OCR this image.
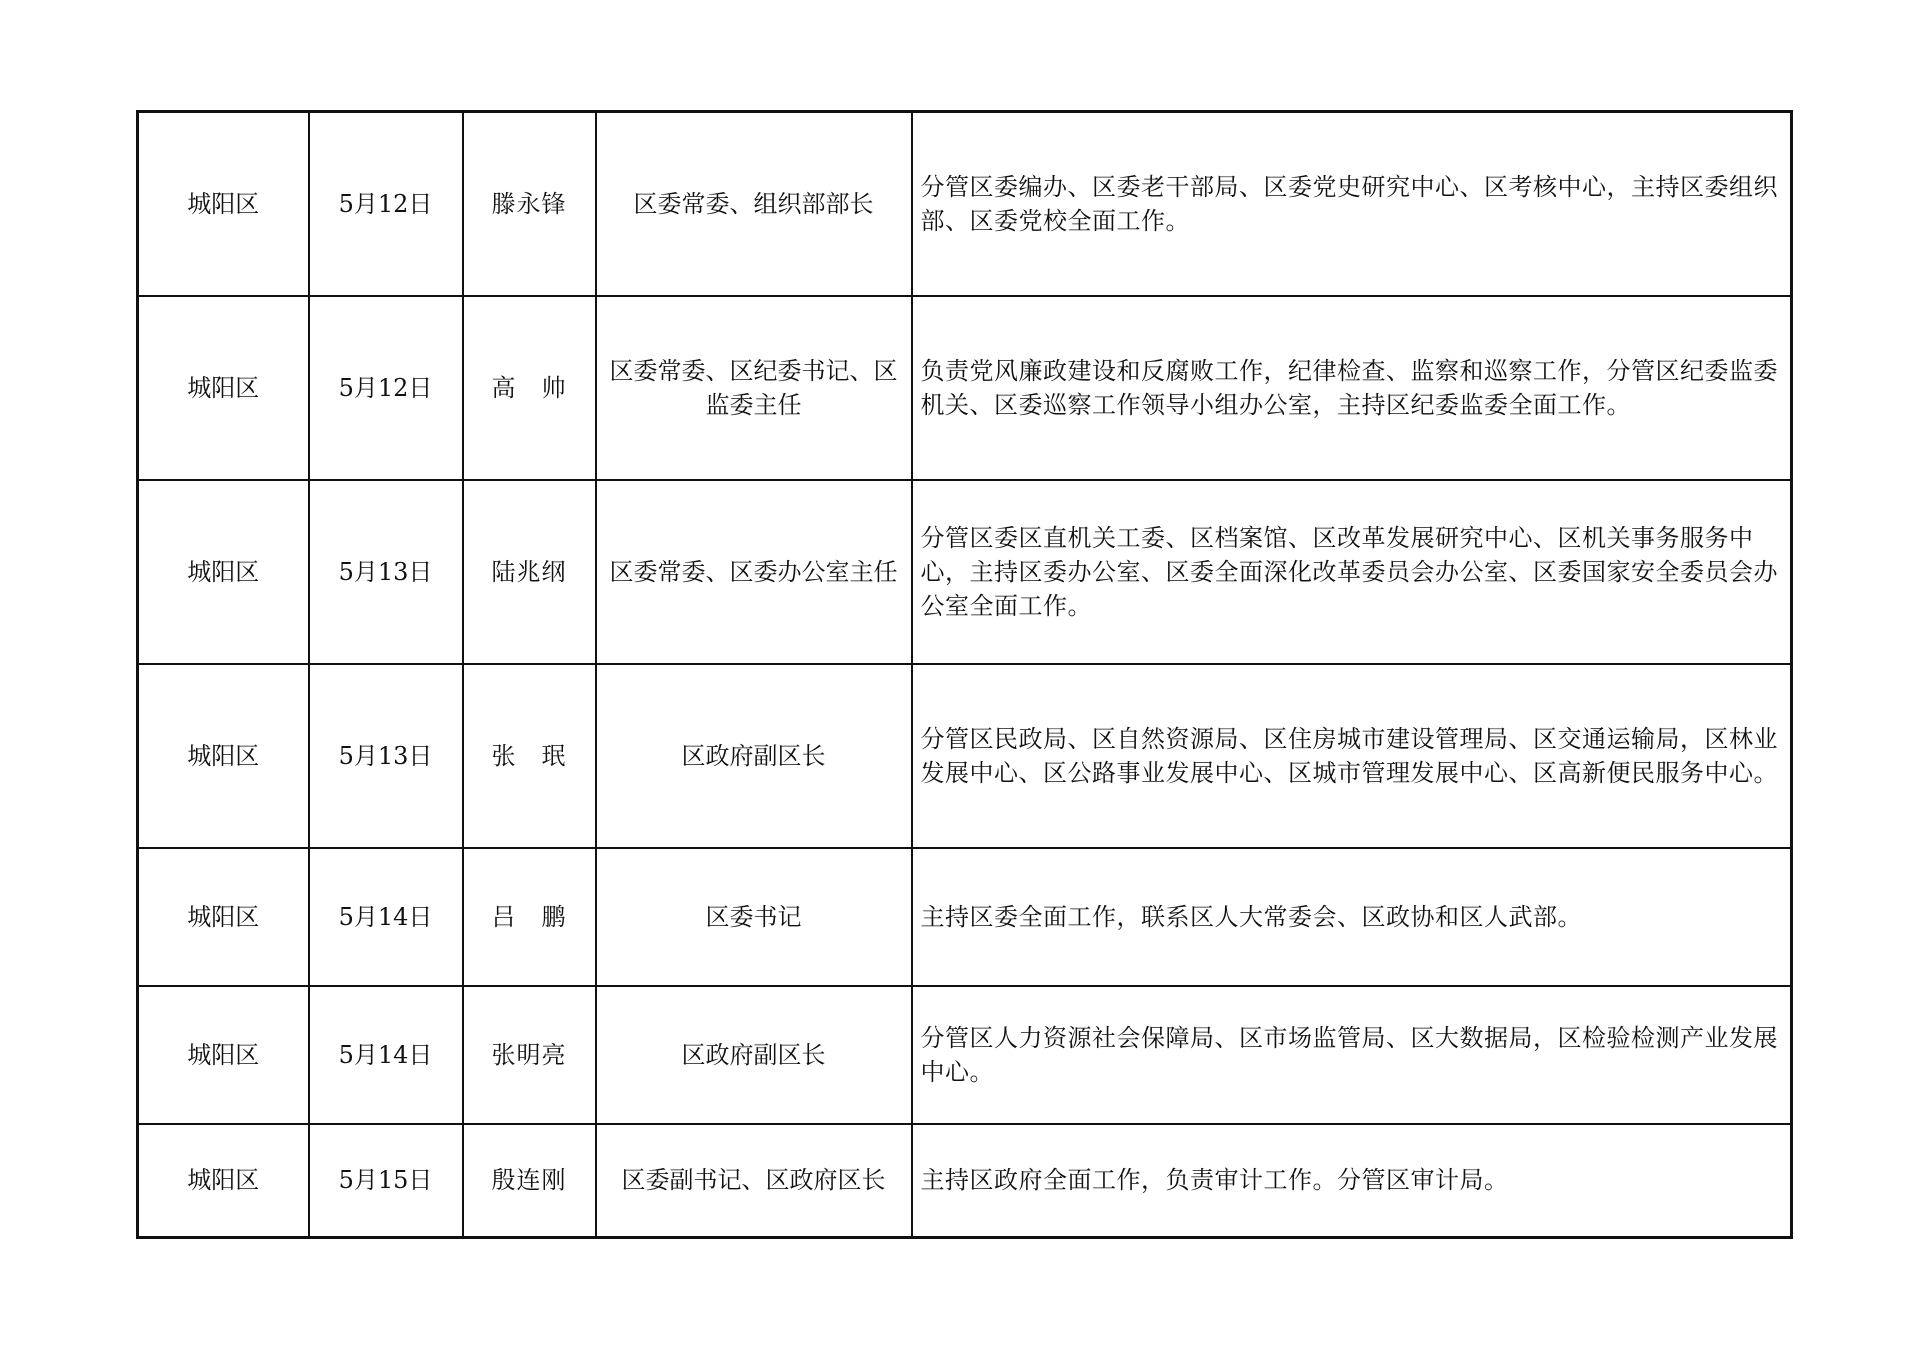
城阳区	5月12日	滕永锋	区委常委、组织部部长	分管区委编办、区委老干部局、区委党史研究中心、区考核中心，主持区委组织部、区委党校全面工作。
城阳区	5月12日	高　帅	区委常委、区纪委书记、区监委主任	负责党风廉政建设和反腐败工作，纪律检查、监察和巡察工作，分管区纪委监委机关、区委巡察工作领导小组办公室，主持区纪委监委全面工作。
城阳区	5月13日	陆兆纲	区委常委、区委办公室主任	分管区委区直机关工委、区档案馆、区改革发展研究中心、区机关事务服务中心，主持区委办公室、区委全面深化改革委员会办公室、区委国家安全委员会办公室全面工作。
城阳区	5月13日	张　珉	区政府副区长	分管区民政局、区自然资源局、区住房城市建设管理局、区交通运输局，区林业发展中心、区公路事业发展中心、区城市管理发展中心、区高新便民服务中心。
城阳区	5月14日	吕　鹏	区委书记	主持区委全面工作，联系区人大常委会、区政协和区人武部。
城阳区	5月14日	张明亮	区政府副区长	分管区人力资源社会保障局、区市场监管局、区大数据局，区检验检测产业发展中心。
城阳区	5月15日	殷连刚	区委副书记、区政府区长	主持区政府全面工作，负责审计工作。分管区审计局。
